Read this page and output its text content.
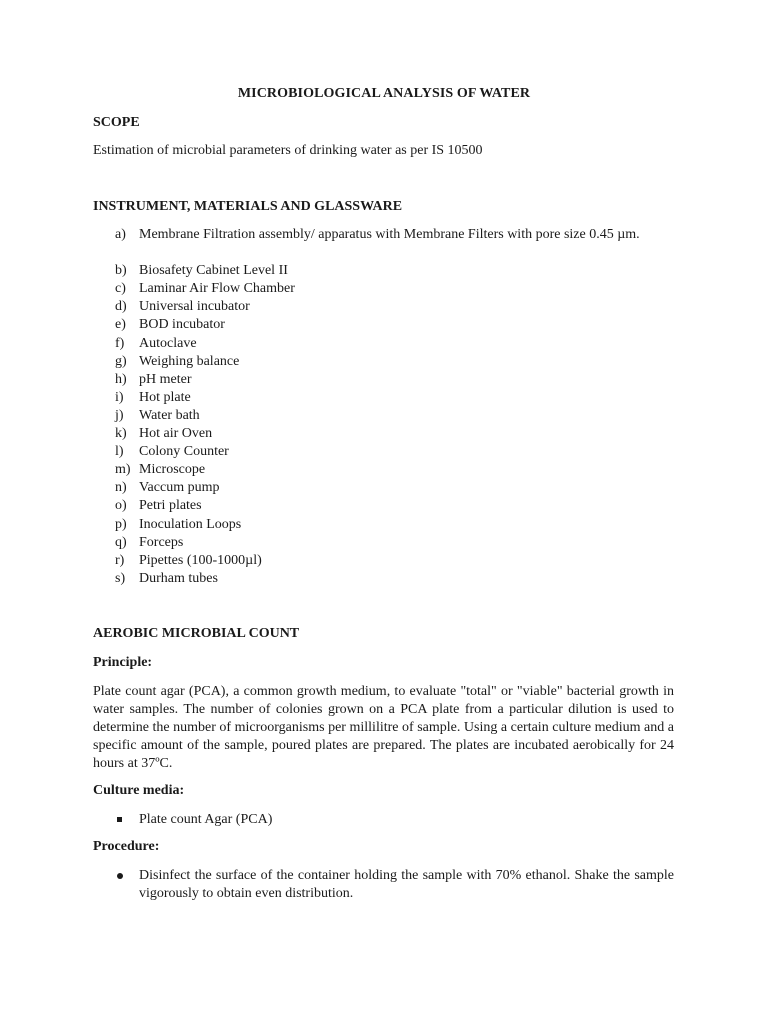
MICROBIOLOGICAL ANALYSIS OF WATER
SCOPE
Estimation of microbial parameters of drinking water as per IS 10500
INSTRUMENT, MATERIALS AND GLASSWARE
a) Membrane Filtration assembly/ apparatus with Membrane Filters with pore size 0.45 µm.
b) Biosafety Cabinet Level II
c) Laminar Air Flow Chamber
d) Universal incubator
e) BOD incubator
f) Autoclave
g) Weighing balance
h) pH meter
i) Hot plate
j) Water bath
k) Hot air Oven
l) Colony Counter
m) Microscope
n) Vaccum pump
o) Petri plates
p) Inoculation Loops
q) Forceps
r) Pipettes (100-1000µl)
s) Durham tubes
AEROBIC MICROBIAL COUNT
Principle:
Plate count agar (PCA), a common growth medium, to evaluate "total" or "viable" bacterial growth in water samples. The number of colonies grown on a PCA plate from a particular dilution is used to determine the number of microorganisms per millilitre of sample. Using a certain culture medium and a specific amount of the sample, poured plates are prepared. The plates are incubated aerobically for 24 hours at 37ºC.
Culture media:
Plate count Agar (PCA)
Procedure:
Disinfect the surface of the container holding the sample with 70% ethanol. Shake the sample vigorously to obtain even distribution.
